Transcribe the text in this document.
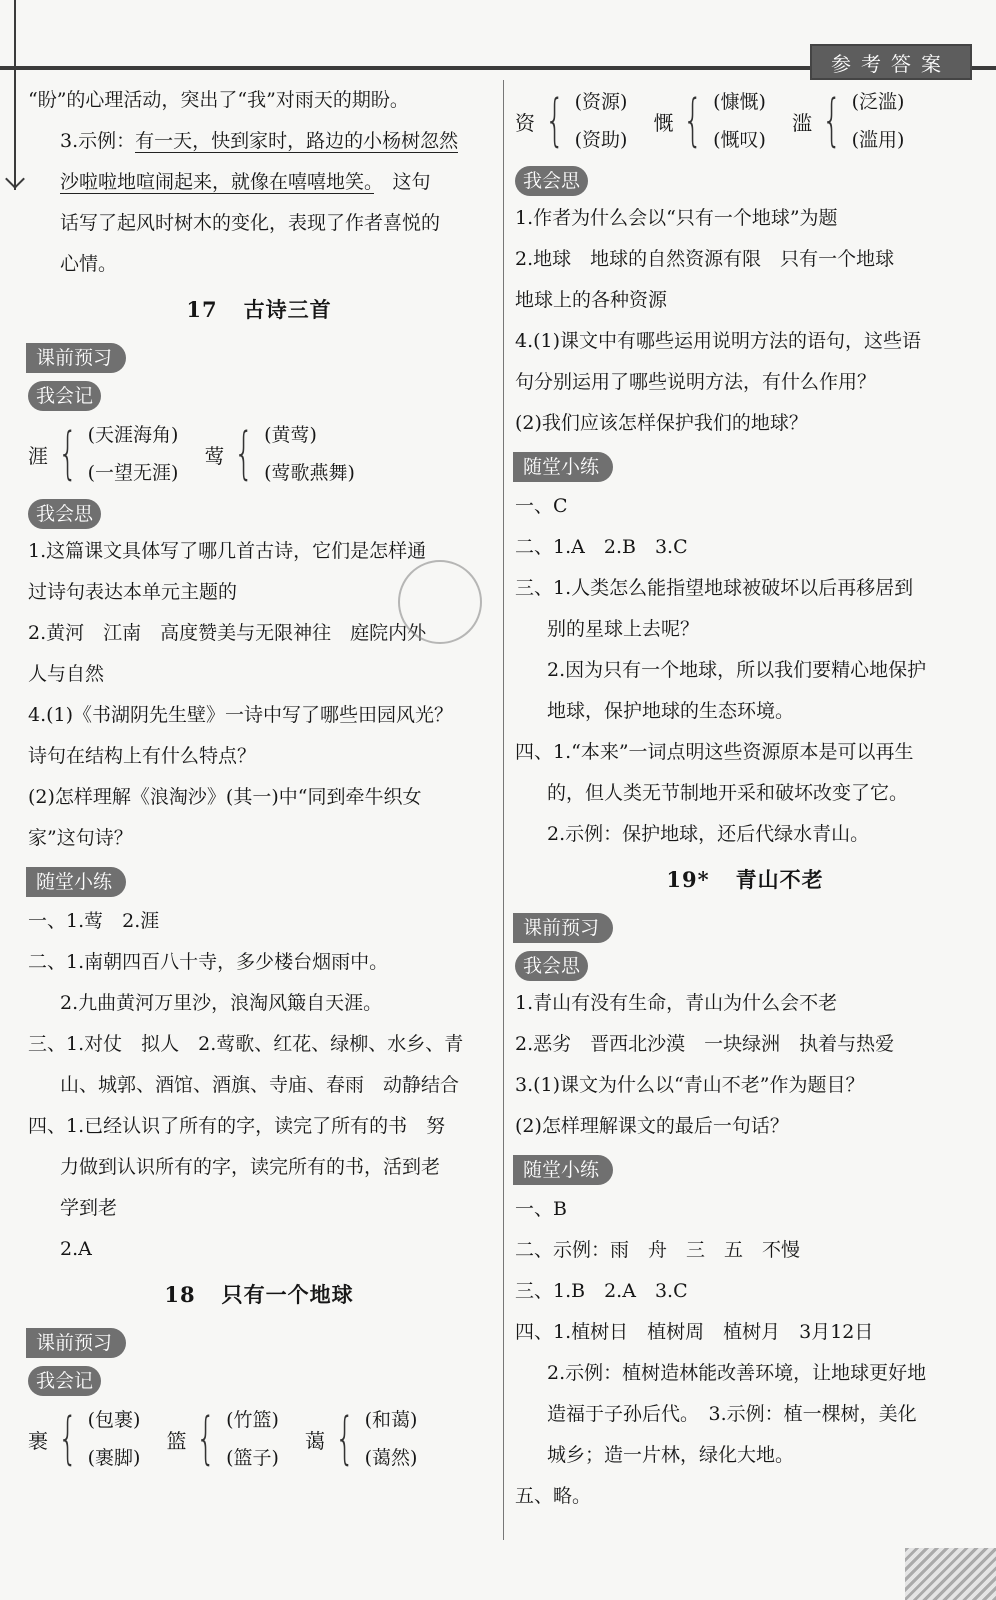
参考答案

“盼”的心理活动，突出了“我”对雨天的期盼。

3.示例：有一天，快到家时，路边的小杨树忽然

沙啦啦地喧闹起来，就像在嘻嘻地笑。　这句

话写了起风时树木的变化，表现了作者喜悦的

心情。

17 古诗三首

课前预习
我会记
涯 { (天涯海角)
(一望无涯)
莺 { (黄莺)
(莺歌燕舞)
我会思

1.这篇课文具体写了哪几首古诗，它们是怎样通

过诗句表达本单元主题的

2.黄河　江南　高度赞美与无限神往　庭院内外

人与自然

4.(1)《书湖阴先生壁》一诗中写了哪些田园风光？

诗句在结构上有什么特点？

(2)怎样理解《浪淘沙》(其一)中“同到牵牛织女

家”这句诗？

随堂小练

一、1.莺　2.涯

二、1.南朝四百八十寺，多少楼台烟雨中。

2.九曲黄河万里沙，浪淘风簸自天涯。

三、1.对仗　拟人　2.莺歌、红花、绿柳、水乡、青

山、城郭、酒馆、酒旗、寺庙、春雨　动静结合

四、1.已经认识了所有的字，读完了所有的书　努

力做到认识所有的字，读完所有的书，活到老

学到老

2.A

18 只有一个地球

课前预习
我会记
裹 { (包裹)
(裹脚)
篮 { (竹篮)
(篮子)
蔼 { (和蔼)
(蔼然)
资 { (资源)
(资助)
慨 { (慷慨)
(慨叹)
滥 { (泛滥)
(滥用)
我会思

1.作者为什么会以“只有一个地球”为题

2.地球　地球的自然资源有限　只有一个地球

地球上的各种资源

4.(1)课文中有哪些运用说明方法的语句，这些语

句分别运用了哪些说明方法，有什么作用？

(2)我们应该怎样保护我们的地球？

随堂小练

一、C

二、1.A　2.B　3.C

三、1.人类怎么能指望地球被破坏以后再移居到

别的星球上去呢？

2.因为只有一个地球，所以我们要精心地保护

地球，保护地球的生态环境。

四、1.“本来”一词点明这些资源原本是可以再生

的，但人类无节制地开采和破坏改变了它。

2.示例：保护地球，还后代绿水青山。

19* 青山不老

课前预习
我会思

1.青山有没有生命，青山为什么会不老

2.恶劣　晋西北沙漠　一块绿洲　执着与热爱

3.(1)课文为什么以“青山不老”作为题目？

(2)怎样理解课文的最后一句话？

随堂小练

一、B

二、示例：雨　舟　三　五　不慢

三、1.B　2.A　3.C

四、1.植树日　植树周　植树月　3月12日

2.示例：植树造林能改善环境，让地球更好地

造福于子孙后代。　3.示例：植一棵树，美化

城乡；造一片林，绿化大地。

五、略。
